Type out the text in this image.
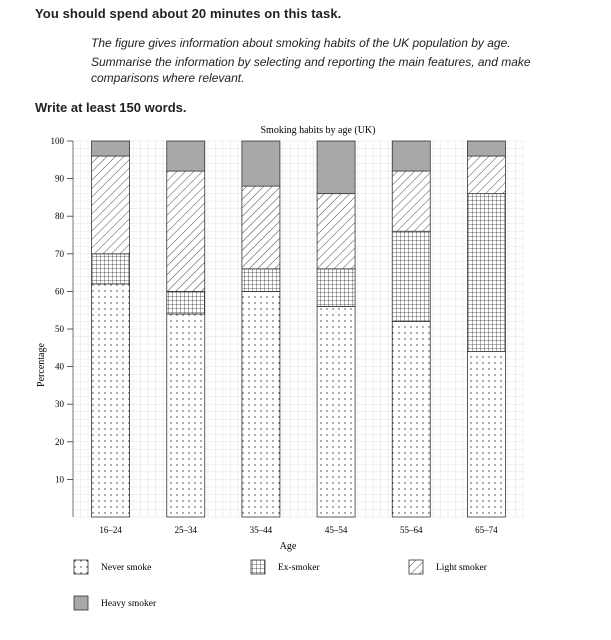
You should spend about 20 minutes on this task.

The figure gives information about smoking habits of the UK population by age.

Summarise the information by selecting and reporting the main features, and make comparisons where relevant.

Write at least 150 words.
Smoking habits by age (UK)
10
20
30
40
50
60
70
80
90
100
16–24	25–34	35–44	45–54	55–64	65–74
Age
Percentage
Never smoke	Ex-smoker	Light smoker
Heavy smoker
